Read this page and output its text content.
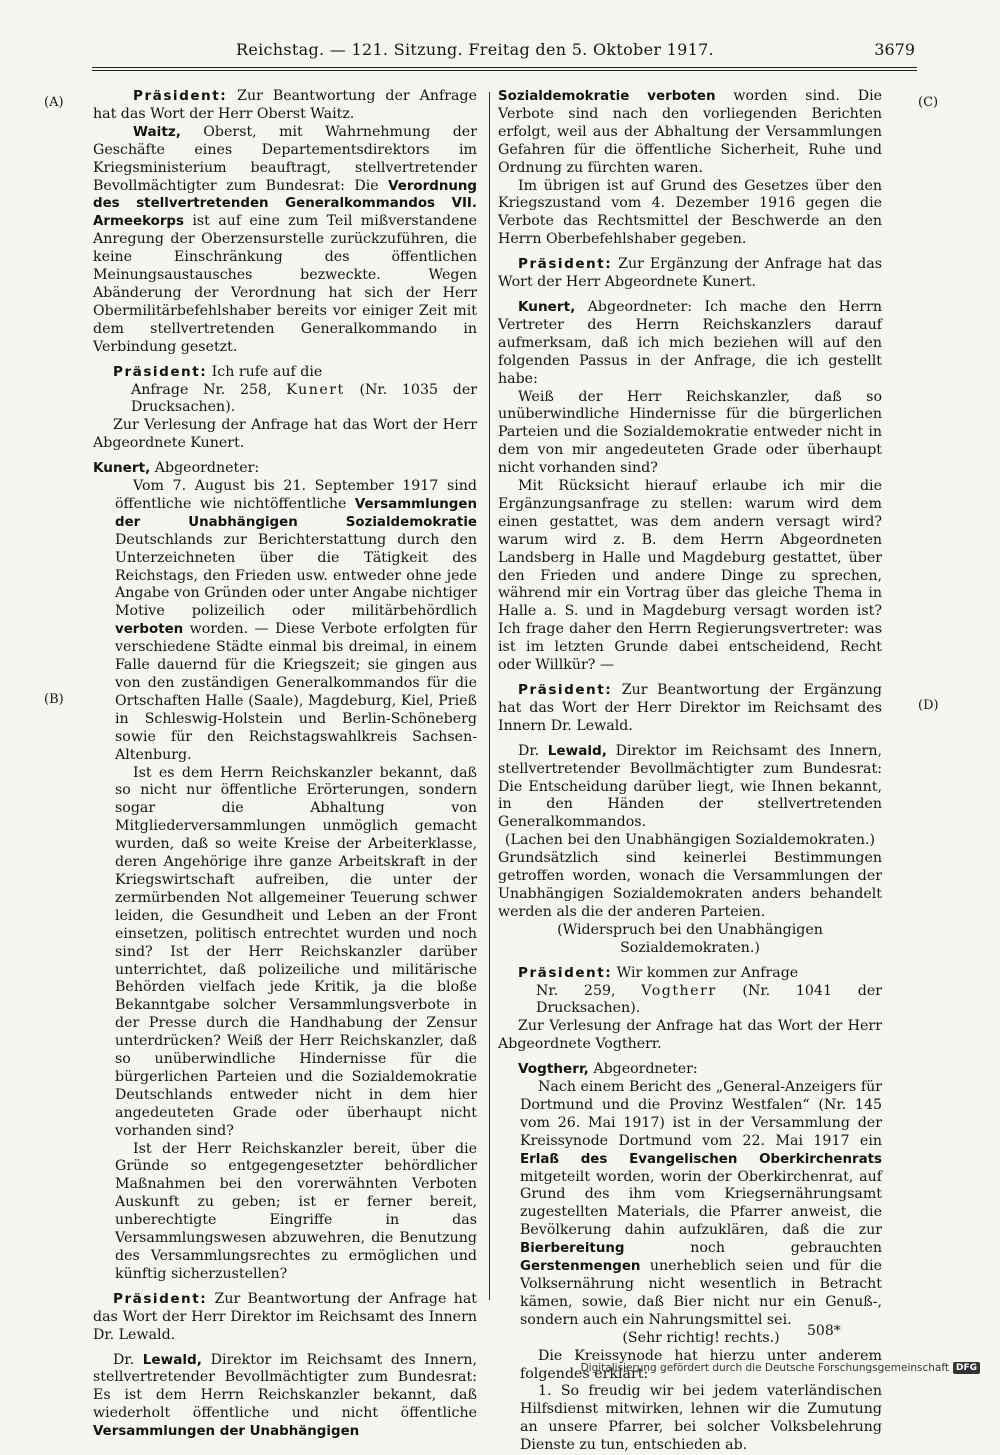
Reichstag. — 121. Sitzung. Freitag den 5. Oktober 1917.	3679
(A)
(B)
(C)
(D)

Präsident: Zur Beantwortung der Anfrage hat das Wort der Herr Oberst Waitz.

Waitz, Oberst, mit Wahrnehmung der Geschäfte eines Departementsdirektors im Kriegsministerium beauftragt, stellvertretender Bevollmächtigter zum Bundesrat: Die Verordnung des stellvertretenden Generalkommandos VII. Armeekorps ist auf eine zum Teil mißverstandene Anregung der Oberzensurstelle zurückzuführen, die keine Einschränkung des öffentlichen Meinungsaustausches bezweckte. Wegen Abänderung der Verordnung hat sich der Herr Obermilitärbefehlshaber bereits vor einiger Zeit mit dem stellvertretenden Generalkommando in Verbindung gesetzt.

Präsident: Ich rufe auf die

Anfrage Nr. 258, Kunert (Nr. 1035 der Drucksachen).

Zur Verlesung der Anfrage hat das Wort der Herr Abgeordnete Kunert.

Kunert, Abgeordneter:

Vom 7. August bis 21. September 1917 sind öffentliche wie nichtöffentliche Versammlungen der Unabhängigen Sozialdemokratie Deutschlands zur Berichterstattung durch den Unterzeichneten über die Tätigkeit des Reichstags, den Frieden usw. entweder ohne jede Angabe von Gründen oder unter Angabe nichtiger Motive polizeilich oder militärbehördlich verboten worden. — Diese Verbote erfolgten für verschiedene Städte einmal bis dreimal, in einem Falle dauernd für die Kriegszeit; sie gingen aus von den zuständigen Generalkommandos für die Ortschaften Halle (Saale), Magdeburg, Kiel, Prieß in Schleswig-Holstein und Berlin-Schöneberg sowie für den Reichstagswahlkreis Sachsen-Altenburg.

Ist es dem Herrn Reichskanzler bekannt, daß so nicht nur öffentliche Erörterungen, sondern sogar die Abhaltung von Mitgliederversammlungen unmöglich gemacht wurden, daß so weite Kreise der Arbeiterklasse, deren Angehörige ihre ganze Arbeitskraft in der Kriegswirtschaft aufreiben, die unter der zermürbenden Not allgemeiner Teuerung schwer leiden, die Gesundheit und Leben an der Front einsetzen, politisch entrechtet wurden und noch sind? Ist der Herr Reichskanzler darüber unterrichtet, daß polizeiliche und militärische Behörden vielfach jede Kritik, ja die bloße Bekanntgabe solcher Versammlungsverbote in der Presse durch die Handhabung der Zensur unterdrücken? Weiß der Herr Reichskanzler, daß so unüberwindliche Hindernisse für die bürgerlichen Parteien und die Sozialdemokratie Deutschlands entweder nicht in dem hier angedeuteten Grade oder überhaupt nicht vorhanden sind?

Ist der Herr Reichskanzler bereit, über die Gründe so entgegengesetzter behördlicher Maßnahmen bei den vorerwähnten Verboten Auskunft zu geben; ist er ferner bereit, unberechtigte Eingriffe in das Versammlungswesen abzuwehren, die Benutzung des Versammlungsrechtes zu ermöglichen und künftig sicherzustellen?

Präsident: Zur Beantwortung der Anfrage hat das Wort der Herr Direktor im Reichsamt des Innern Dr. Lewald.

Dr. Lewald, Direktor im Reichsamt des Innern, stellvertretender Bevollmächtigter zum Bundesrat: Es ist dem Herrn Reichskanzler bekannt, daß wiederholt öffentliche und nicht öffentliche Versammlungen der Unabhängigen

Sozialdemokratie verboten worden sind. Die Verbote sind nach den vorliegenden Berichten erfolgt, weil aus der Abhaltung der Versammlungen Gefahren für die öffentliche Sicherheit, Ruhe und Ordnung zu fürchten waren.

Im übrigen ist auf Grund des Gesetzes über den Kriegszustand vom 4. Dezember 1916 gegen die Verbote das Rechtsmittel der Beschwerde an den Herrn Oberbefehlshaber gegeben.

Präsident: Zur Ergänzung der Anfrage hat das Wort der Herr Abgeordnete Kunert.

Kunert, Abgeordneter: Ich mache den Herrn Vertreter des Herrn Reichskanzlers darauf aufmerksam, daß ich mich beziehen will auf den folgenden Passus in der Anfrage, die ich gestellt habe:

Weiß der Herr Reichskanzler, daß so unüberwindliche Hindernisse für die bürgerlichen Parteien und die Sozialdemokratie entweder nicht in dem von mir angedeuteten Grade oder überhaupt nicht vorhanden sind?

Mit Rücksicht hierauf erlaube ich mir die Ergänzungsanfrage zu stellen: warum wird dem einen gestattet, was dem andern versagt wird? warum wird z. B. dem Herrn Abgeordneten Landsberg in Halle und Magdeburg gestattet, über den Frieden und andere Dinge zu sprechen, während mir ein Vortrag über das gleiche Thema in Halle a. S. und in Magdeburg versagt worden ist? Ich frage daher den Herrn Regierungsvertreter: was ist im letzten Grunde dabei entscheidend, Recht oder Willkür? —

Präsident: Zur Beantwortung der Ergänzung hat das Wort der Herr Direktor im Reichsamt des Innern Dr. Lewald.

Dr. Lewald, Direktor im Reichsamt des Innern, stellvertretender Bevollmächtigter zum Bundesrat: Die Entscheidung darüber liegt, wie Ihnen bekannt, in den Händen der stellvertretenden Generalkommandos.

(Lachen bei den Unabhängigen Sozialdemokraten.)

Grundsätzlich sind keinerlei Bestimmungen getroffen worden, wonach die Versammlungen der Unabhängigen Sozialdemokraten anders behandelt werden als die der anderen Parteien.

(Widerspruch bei den Unabhängigen Sozialdemokraten.)

Präsident: Wir kommen zur Anfrage

Nr. 259, Vogtherr (Nr. 1041 der Drucksachen).

Zur Verlesung der Anfrage hat das Wort der Herr Abgeordnete Vogtherr.

Vogtherr, Abgeordneter:

Nach einem Bericht des „General-Anzeigers für Dortmund und die Provinz Westfalen“ (Nr. 145 vom 26. Mai 1917) ist in der Versammlung der Kreissynode Dortmund vom 22. Mai 1917 ein Erlaß des Evangelischen Oberkirchenrats mitgeteilt worden, worin der Oberkirchenrat, auf Grund des ihm vom Kriegsernährungsamt zugestellten Materials, die Pfarrer anweist, die Bevölkerung dahin aufzuklären, daß die zur Bierbereitung noch gebrauchten Gerstenmengen unerheblich seien und für die Volksernährung nicht wesentlich in Betracht kämen, sowie, daß Bier nicht nur ein Genuß-, sondern auch ein Nahrungsmittel sei.

(Sehr richtig! rechts.)

Die Kreissynode hat hierzu unter anderem folgendes erklärt:

1. So freudig wir bei jedem vaterländischen Hilfsdienst mitwirken, lehnen wir die Zumutung an unsere Pfarrer, bei solcher Volksbelehrung Dienste zu tun, entschieden ab.

508*
Digitalisierung gefördert durch die Deutsche Forschungsgemeinschaft DFG
